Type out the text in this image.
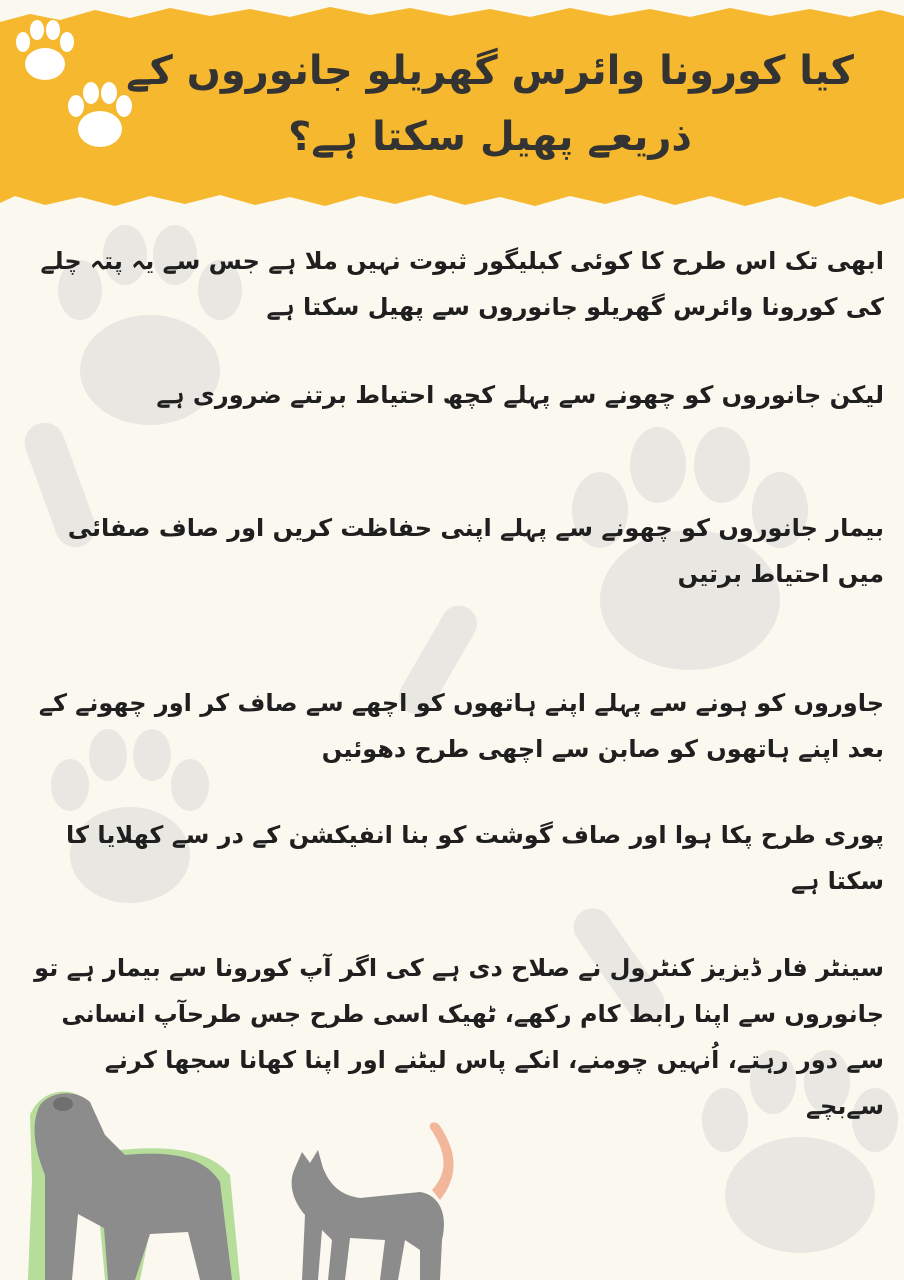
کیا کورونا وائرس گھریلو جانوروں کے ذریعے پھیل سکتا ہے؟
ابھی تک اس طرح کا کوئی کبلیگور ثبوت نہیں ملا ہے جس سے یہ پتہ چلے کی کورونا وائرس گھریلو جانوروں سے پھیل سکتا ہے
لیکن جانوروں کو چھونے سے پہلے کچھ احتیاط برتنے ضروری ہے
بیمار جانوروں کو چھونے سے پہلے اپنی حفاظت کریں اور صاف صفائی میں احتیاط برتیں
جاوروں کو ہونے سے پہلے اپنے ہاتھوں کو اچھے سے صاف کر اور چھونے کے بعد اپنے ہاتھوں کو صابن سے اچھی طرح دھوئیں
پوری طرح پکا ہوا اور صاف گوشت کو بنا انفیکشن کے در سے کھلایا کا سکتا ہے
سینٹر فار ڈیزیز کنٹرول نے صلاح دی ہے کی اگر آپ کورونا سے بیمار ہے تو جانوروں سے اپنا رابط کام رکھے، ٹھیک اسی طرح جس طرحآپ انسانی سے دور رہتے، اُنہیں چومنے، انکے پاس لیٹنے اور اپنا کھانا سجھا کرنے سےبچے
